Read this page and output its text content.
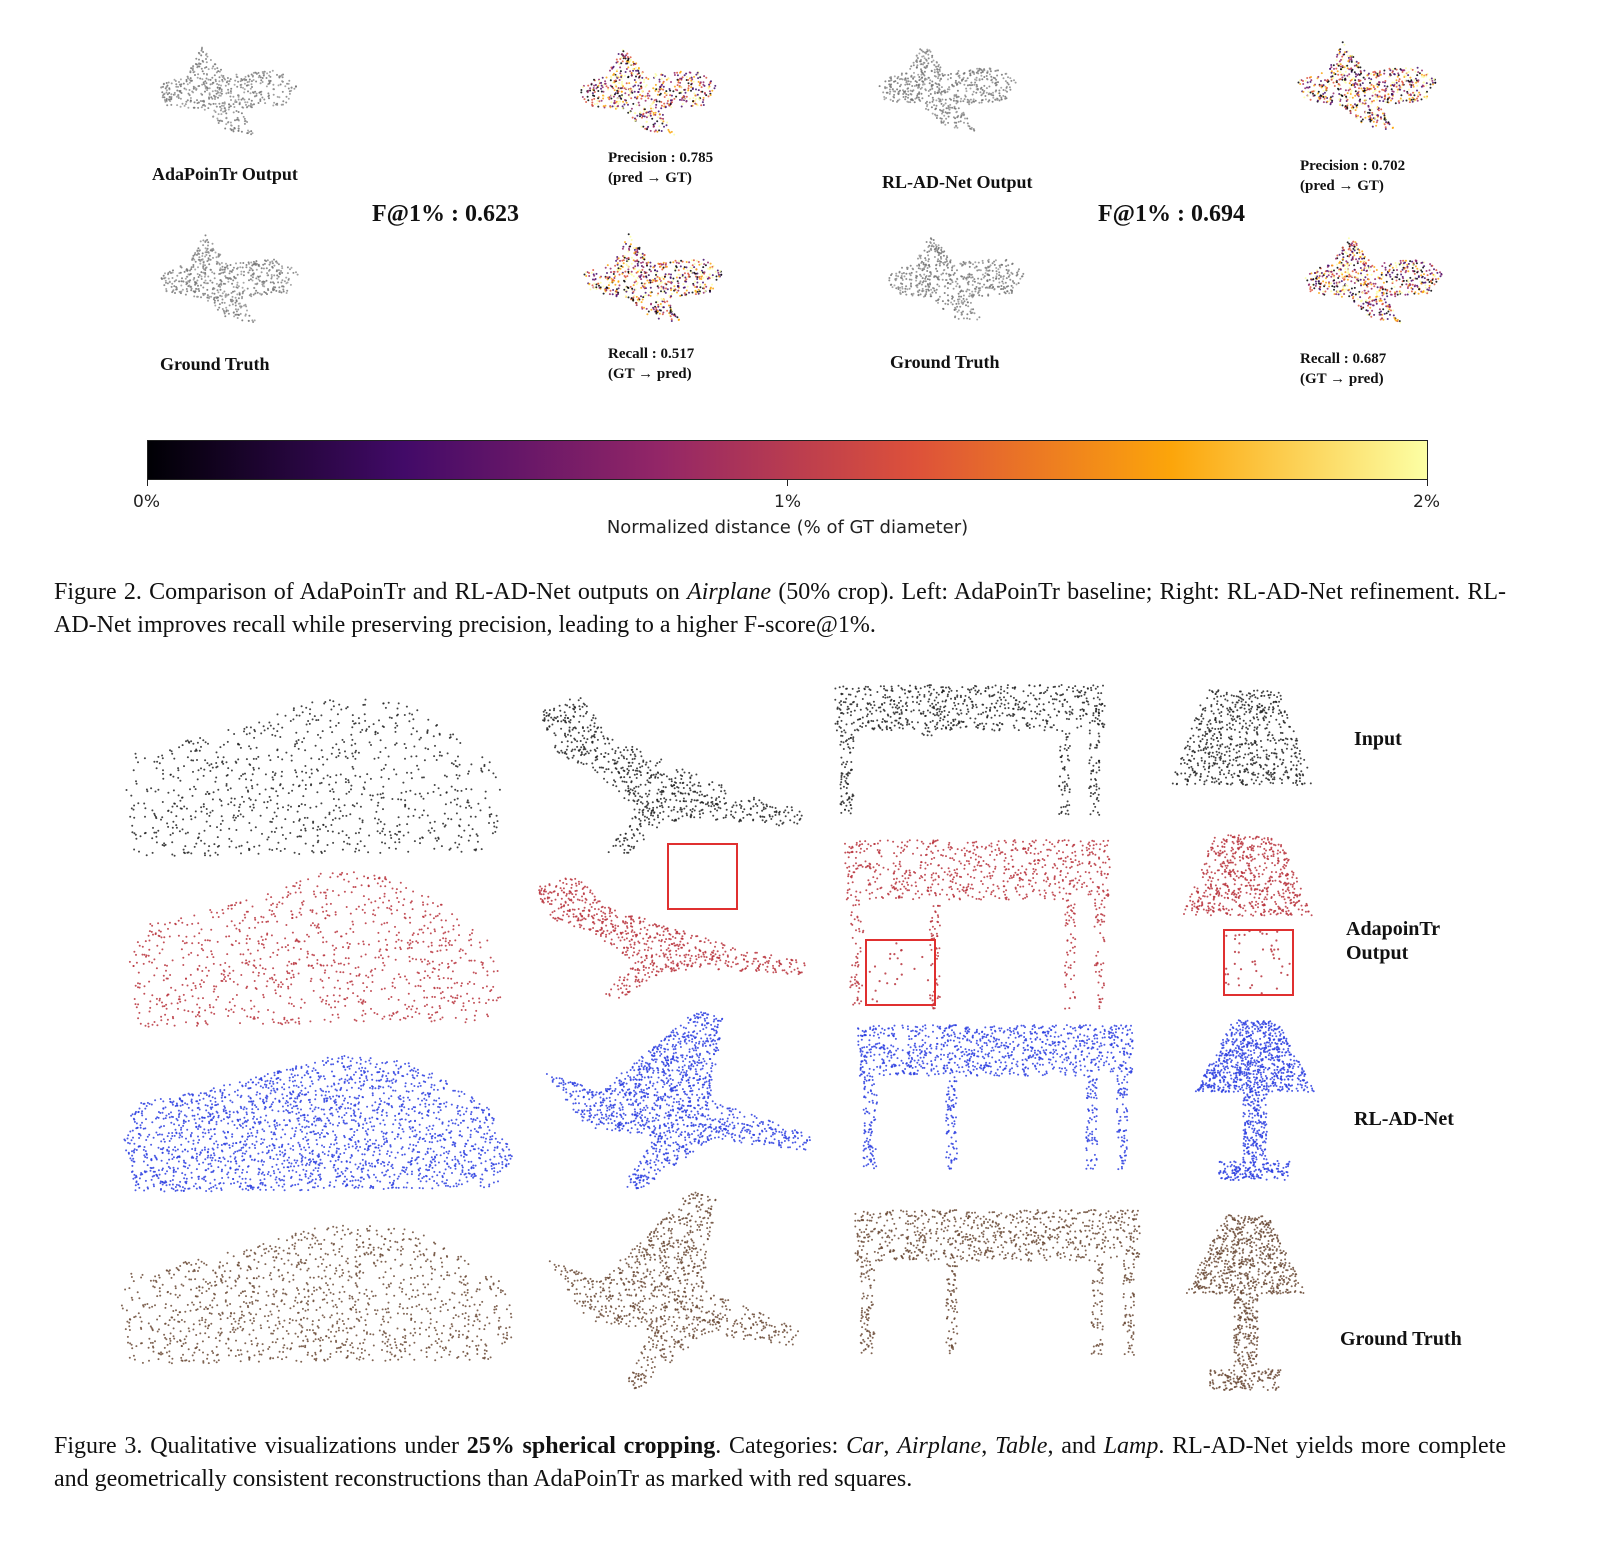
AdaPoinTr Output
Ground Truth
F@1% : 0.623
Precision : 0.785
(pred → GT)
Recall : 0.517
(GT → pred)
RL-AD-Net Output
Ground Truth
F@1% : 0.694
Precision : 0.702
(pred → GT)
Recall : 0.687
(GT → pred)
0%	1%	2%
Normalized distance (% of GT diameter)
Figure 2. Comparison of AdaPoinTr and RL-AD-Net outputs on Airplane (50% crop). Left: AdaPoinTr baseline; Right: RL-AD-Net refinement. RL-AD-Net improves recall while preserving precision, leading to a higher F-score@1%.
Input
AdapoinTr
Output
RL-AD-Net
Ground Truth
Figure 3. Qualitative visualizations under 25% spherical cropping. Categories: Car, Airplane, Table, and Lamp. RL-AD-Net yields more complete and geometrically consistent reconstructions than AdaPoinTr as marked with red squares.
